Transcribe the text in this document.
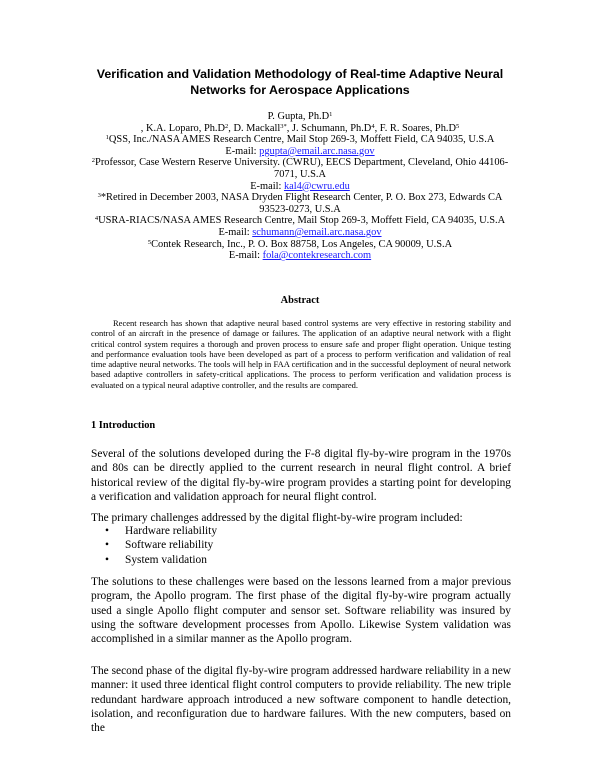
Verification and Validation Methodology of Real-time Adaptive Neural
Networks for Aerospace Applications
P. Gupta, $Ph.D^1$
, K.A. Loparo, $Ph.D^2$, D. Mackall$^{3*}$, J. Schumann, $Ph.D^4$, F. R. Soares, $Ph.D^5$
$^1$QSS, Inc./NASA AMES Research Centre, Mail Stop 269-3, Moffett Field, CA 94035, U.S.A
E-mail: pgupta@email.arc.nasa.gov
$^2$Professor, Case Western Reserve University. (CWRU), EECS Department, Cleveland, Ohio 44106-
7071, U.S.A
E-mail: kal4@cwru.edu
$^3$*Retired in December 2003, NASA Dryden Flight Research Center, P. O. Box 273, Edwards CA
93523-0273, U.S.A
$^4$USRA-RIACS/NASA AMES Research Centre, Mail Stop 269-3, Moffett Field, CA 94035, U.S.A
E-mail: schumann@email.arc.nasa.gov
$^5$Contek Research, Inc., P. O. Box 88758, Los Angeles, CA 90009, U.S.A
E-mail: fola@contekresearch.com
Abstract

Recent research has shown that adaptive neural based control systems are very effective in restoring stability and control of an aircraft in the presence of damage or failures. The application of an adaptive neural network with a flight critical control system requires a thorough and proven process to ensure safe and proper flight operation. Unique testing and performance evaluation tools have been developed as part of a process to perform verification and validation of real time adaptive neural networks. The tools will help in FAA certification and in the successful deployment of neural network based adaptive controllers in safety-critical applications. The process to perform verification and validation process is evaluated on a typical neural adaptive controller, and the results are compared.

1 Introduction

Several of the solutions developed during the F-8 digital fly-by-wire program in the 1970s and 80s can be directly applied to the current research in neural flight control. A brief historical review of the digital fly-by-wire program provides a starting point for developing a verification and validation approach for neural flight control.

The primary challenges addressed by the digital flight-by-wire program included:

• Hardware reliability
• Software reliability
• System validation

The solutions to these challenges were based on the lessons learned from a major previous program, the Apollo program. The first phase of the digital fly-by-wire program actually used a single Apollo flight computer and sensor set. Software reliability was insured by using the software development processes from Apollo. Likewise System validation was accomplished in a similar manner as the Apollo program.

The second phase of the digital fly-by-wire program addressed hardware reliability in a new manner: it used three identical flight control computers to provide reliability. The new triple redundant hardware approach introduced a new software component to handle detection, isolation, and reconfiguration due to hardware failures. With the new computers, based on the
